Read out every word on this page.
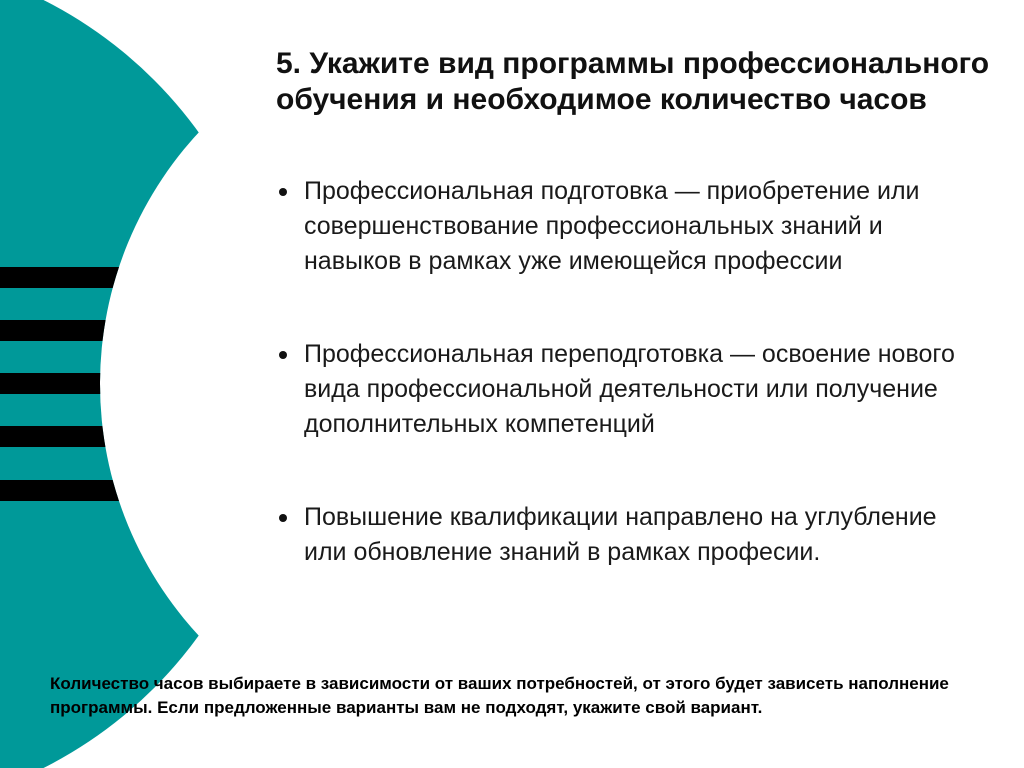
5. Укажите вид программы профессионального обучения и необходимое количество часов
Профессиональная подготовка — приобретение или совершенствование профессиональных знаний и навыков в рамках уже имеющейся профессии
Профессиональная переподготовка — освоение нового вида профессиональной деятельности или получение дополнительных компетенций
Повышение квалификации направлено на углубление или обновление знаний в рамках професии.

Количество часов выбираете в зависимости от ваших потребностей, от этого будет зависеть наполнение программы. Если предложенные варианты вам не подходят, укажите свой вариант.
